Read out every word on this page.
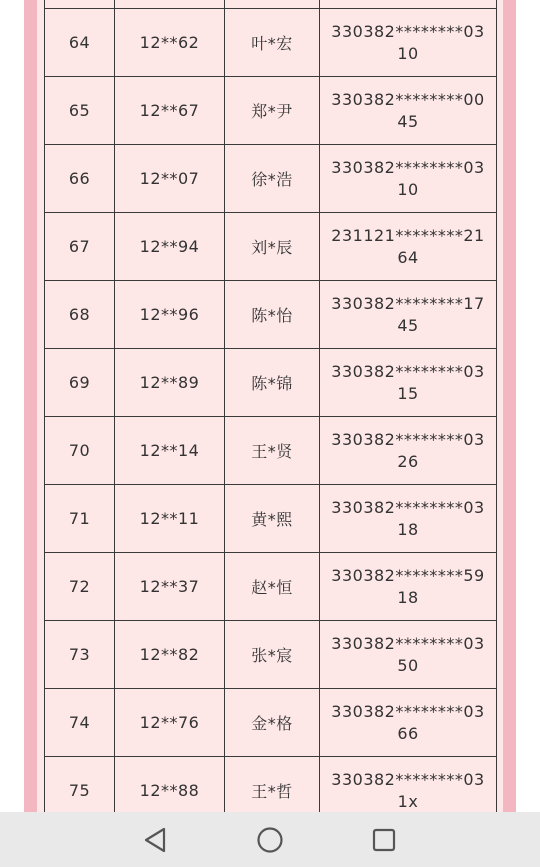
64	12**62	叶*宏	330382********03
10
65	12**67	郑*尹	330382********00
45
66	12**07	徐*浩	330382********03
10
67	12**94	刘*辰	231121********21
64
68	12**96	陈*怡	330382********17
45
69	12**89	陈*锦	330382********03
15
70	12**14	王*贤	330382********03
26
71	12**11	黄*熙	330382********03
18
72	12**37	赵*恒	330382********59
18
73	12**82	张*宸	330382********03
50
74	12**76	金*格	330382********03
66
75	12**88	王*哲	330382********03
1x
